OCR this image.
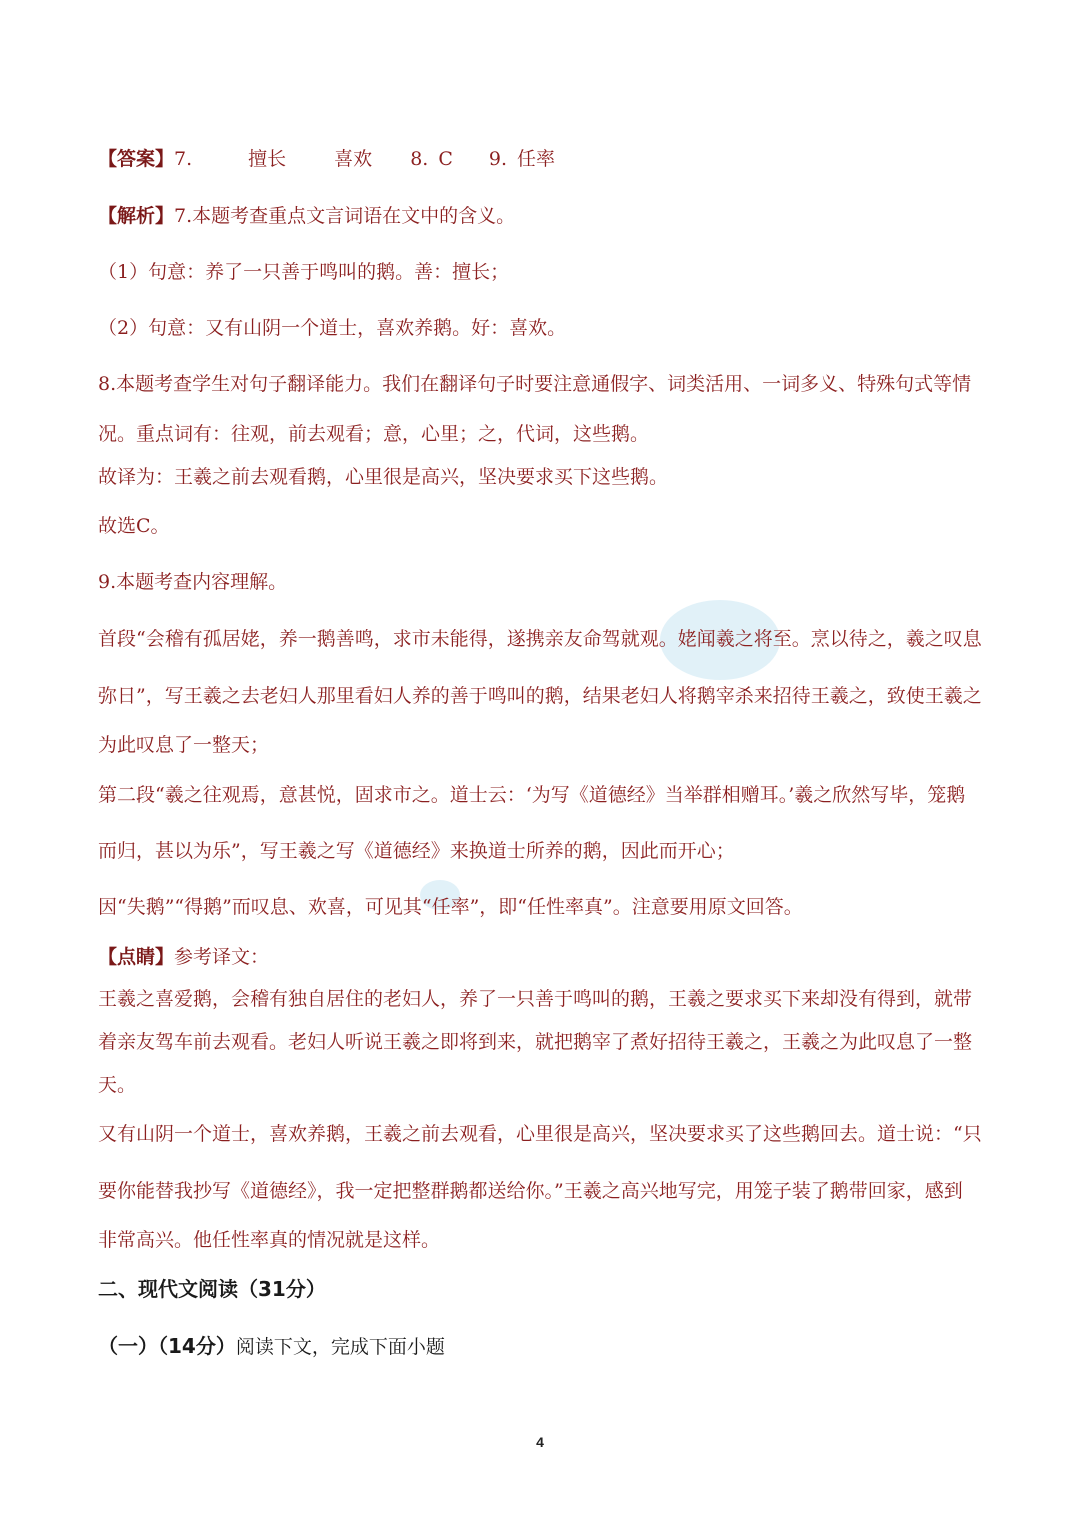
【答案】7.	擅长	喜欢 8. C 9. 任率
【解析】7.本题考查重点文言词语在文中的含义。
（1）句意：养了一只善于鸣叫的鹅。善：擅长；
（2）句意：又有山阴一个道士，喜欢养鹅。好：喜欢。
8.本题考查学生对句子翻译能力。我们在翻译句子时要注意通假字、词类活用、一词多义、特殊句式等情
况。重点词有：往观，前去观看；意，心里；之，代词，这些鹅。
故译为：王羲之前去观看鹅，心里很是高兴，坚决要求买下这些鹅。
故选C。
9.本题考查内容理解。
首段“会稽有孤居姥，养一鹅善鸣，求市未能得，遂携亲友命驾就观。姥闻羲之将至。烹以待之，羲之叹息
弥日”，写王羲之去老妇人那里看妇人养的善于鸣叫的鹅，结果老妇人将鹅宰杀来招待王羲之，致使王羲之
为此叹息了一整天；
第二段“羲之往观焉，意甚悦，固求市之。道士云：‘为写《道德经》当举群相赠耳。’羲之欣然写毕，笼鹅
而归，甚以为乐”，写王羲之写《道德经》来换道士所养的鹅，因此而开心；
因“失鹅”“得鹅”而叹息、欢喜，可见其“任率”，即“任性率真”。注意要用原文回答。
【点睛】参考译文：
王羲之喜爱鹅，会稽有独自居住的老妇人，养了一只善于鸣叫的鹅，王羲之要求买下来却没有得到，就带
着亲友驾车前去观看。老妇人听说王羲之即将到来，就把鹅宰了煮好招待王羲之，王羲之为此叹息了一整
天。
又有山阴一个道士，喜欢养鹅，王羲之前去观看，心里很是高兴，坚决要求买了这些鹅回去。道士说：“只
要你能替我抄写《道德经》，我一定把整群鹅都送给你。”王羲之高兴地写完，用笼子装了鹅带回家，感到
非常高兴。他任性率真的情况就是这样。
二、现代文阅读（31分）
（一）（14分）阅读下文，完成下面小题
4
